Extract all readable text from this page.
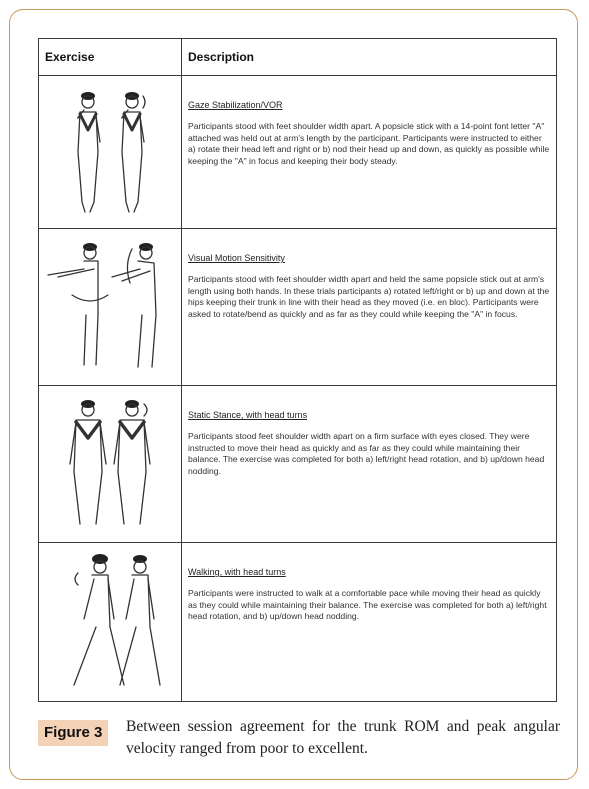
Exercise	Description

Gaze Stabilization/VOR
Participants stood with feet shoulder width apart. A popsicle stick with a 14-point font letter "A" attached was held out at arm's length by the participant. Participants were instructed to either a) rotate their head left and right or b) nod their head up and down, as quickly as possible while keeping the "A" in focus and keeping their body steady.

Visual Motion Sensitivity
Participants stood with feet shoulder width apart and held the same popsicle stick out at arm's length using both hands. In these trials participants a) rotated left/right or b) up and down at the hips keeping their trunk in line with their head as they moved (i.e. en bloc). Participants were asked to rotate/bend as quickly and as far as they could while keeping the "A" in focus.

Static Stance, with head turns
Participants stood feet shoulder width apart on a firm surface with eyes closed. They were instructed to move their head as quickly and as far as they could while maintaining their balance. The exercise was completed for both a) left/right head rotation, and b) up/down head nodding.

Walking, with head turns
Participants were instructed to walk at a comfortable pace while moving their head as quickly as they could while maintaining their balance. The exercise was completed for both a) left/right head rotation, and b) up/down head nodding.
Figure 3	Between session agreement for the trunk ROM and peak angular velocity ranged from poor to excellent.
